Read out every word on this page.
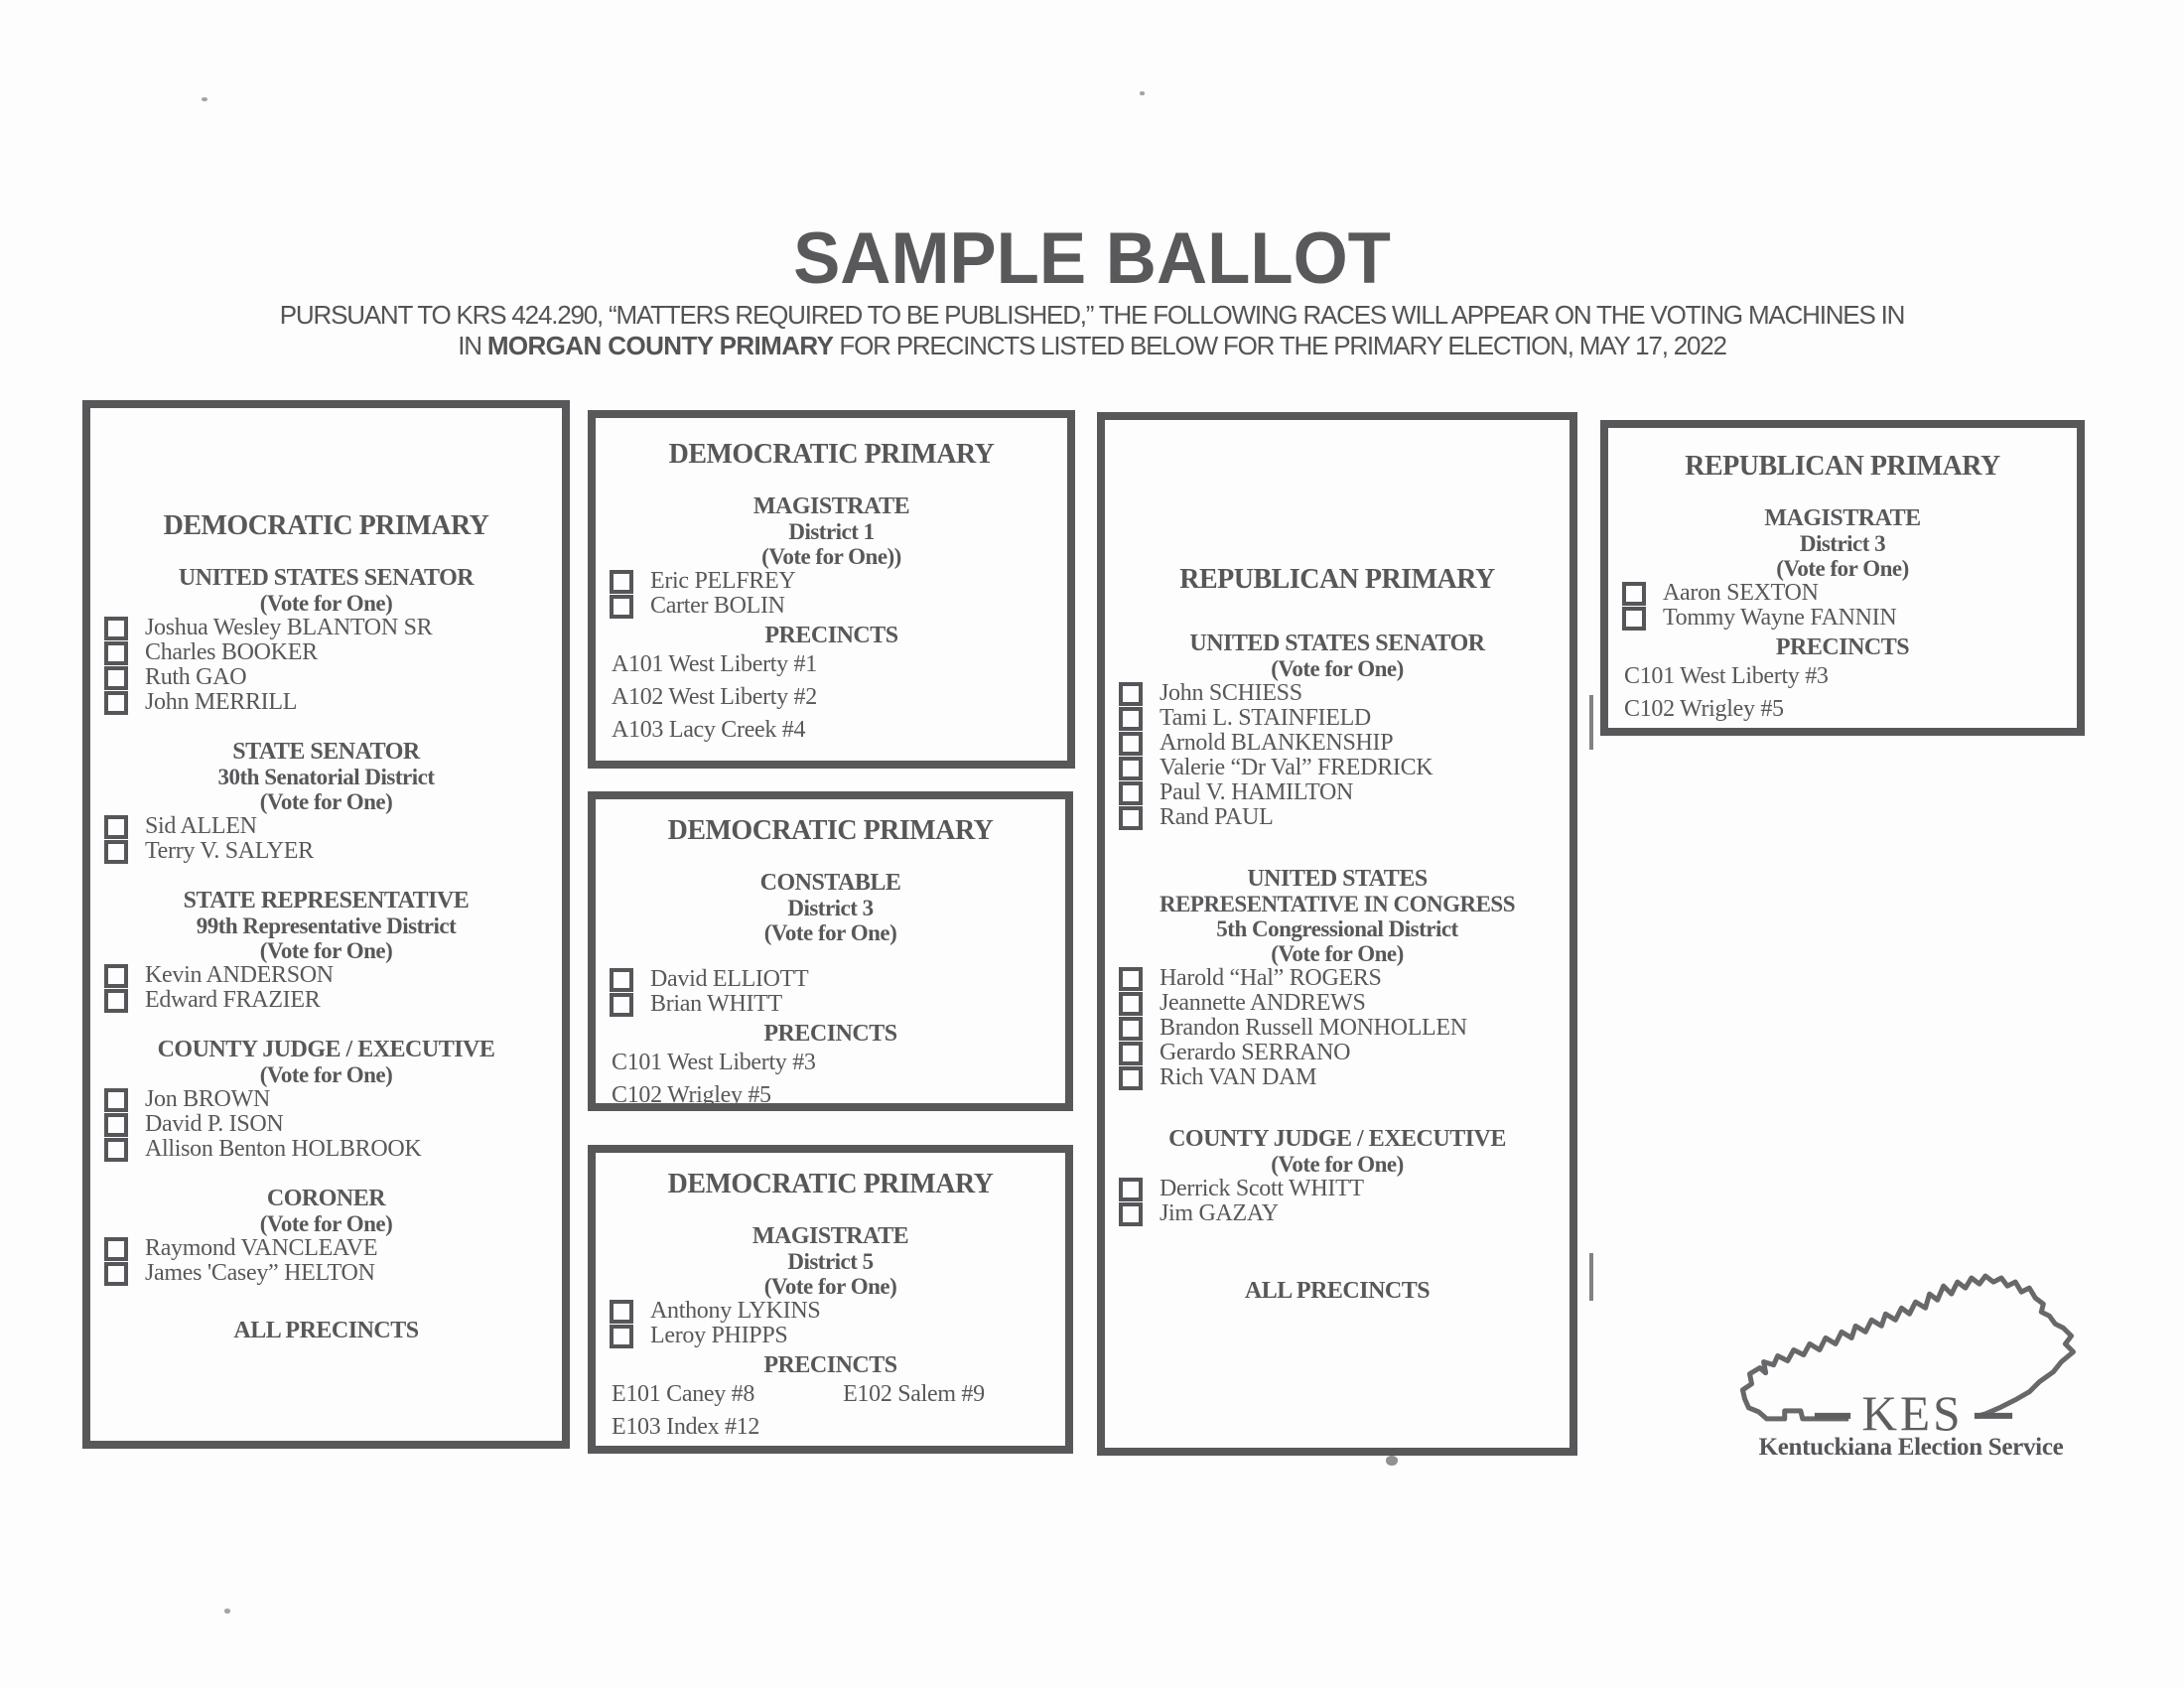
SAMPLE BALLOT

PURSUANT TO KRS 424.290, “MATTERS REQUIRED TO BE PUBLISHED,” THE FOLLOWING RACES WILL APPEAR ON THE VOTING MACHINES IN

IN MORGAN COUNTY PRIMARY FOR PRECINCTS LISTED BELOW FOR THE PRIMARY ELECTION, MAY 17, 2022

DEMOCRATIC PRIMARY
UNITED STATES SENATOR
(Vote for One)
Joshua Wesley BLANTON SR
Charles BOOKER
Ruth GAO
John MERRILL
STATE SENATOR
30th Senatorial District
(Vote for One)
Sid ALLEN
Terry V. SALYER
STATE REPRESENTATIVE
99th Representative District
(Vote for One)
Kevin ANDERSON
Edward FRAZIER
COUNTY JUDGE / EXECUTIVE
(Vote for One)
Jon BROWN
David P. ISON
Allison Benton HOLBROOK
CORONER
(Vote for One)
Raymond VANCLEAVE
James 'Casey” HELTON
ALL PRECINCTS
DEMOCRATIC PRIMARY
MAGISTRATE
District 1
(Vote for One))
Eric PELFREY
Carter BOLIN
PRECINCTS
A101 West Liberty #1
A102 West Liberty #2
A103 Lacy Creek #4
DEMOCRATIC PRIMARY
CONSTABLE
District 3
(Vote for One)
David ELLIOTT
Brian WHITT
PRECINCTS
C101 West Liberty #3
C102 Wrigley #5
DEMOCRATIC PRIMARY
MAGISTRATE
District 5
(Vote for One)
Anthony LYKINS
Leroy PHIPPS
PRECINCTS
E101 Caney #8	E102 Salem #9
E103 Index #12
REPUBLICAN PRIMARY
UNITED STATES SENATOR
(Vote for One)
John SCHIESS
Tami L. STAINFIELD
Arnold BLANKENSHIP
Valerie “Dr Val” FREDRICK
Paul V. HAMILTON
Rand PAUL
UNITED STATES
REPRESENTATIVE IN CONGRESS
5th Congressional District
(Vote for One)
Harold “Hal” ROGERS
Jeannette ANDREWS
Brandon Russell MONHOLLEN
Gerardo SERRANO
Rich VAN DAM
COUNTY JUDGE / EXECUTIVE
(Vote for One)
Derrick Scott WHITT
Jim GAZAY
ALL PRECINCTS
REPUBLICAN PRIMARY
MAGISTRATE
District 3
(Vote for One)
Aaron SEXTON
Tommy Wayne FANNIN
PRECINCTS
C101 West Liberty #3
C102 Wrigley #5
KES
Kentuckiana Election Service
